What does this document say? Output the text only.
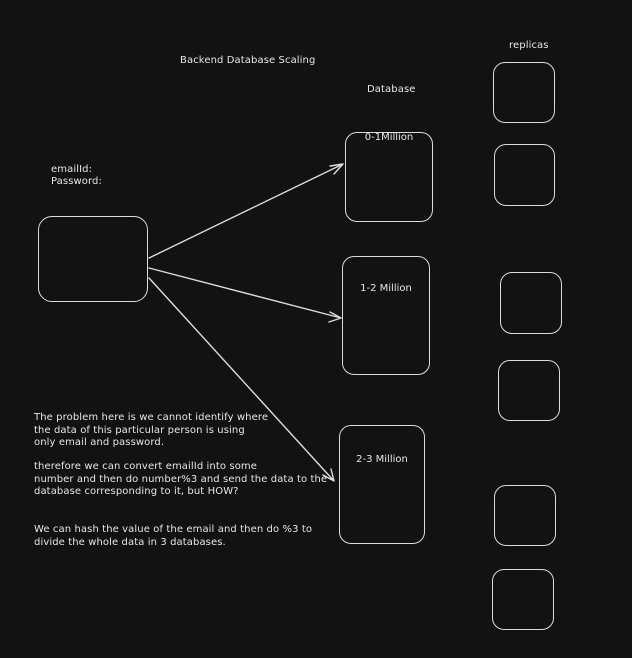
Backend Database Scaling
emailId:
Password:
Database
replicas
0-1Million
1-2 Million
2-3 Million
The problem here is we cannot identify where
the data of this particular person is using
only email and password.
therefore we can convert emailId into some
number and then do number%3 and send the data to the
database corresponding to it, but HOW?
We can hash the value of the email and then do %3 to
divide the whole data in 3 databases.
